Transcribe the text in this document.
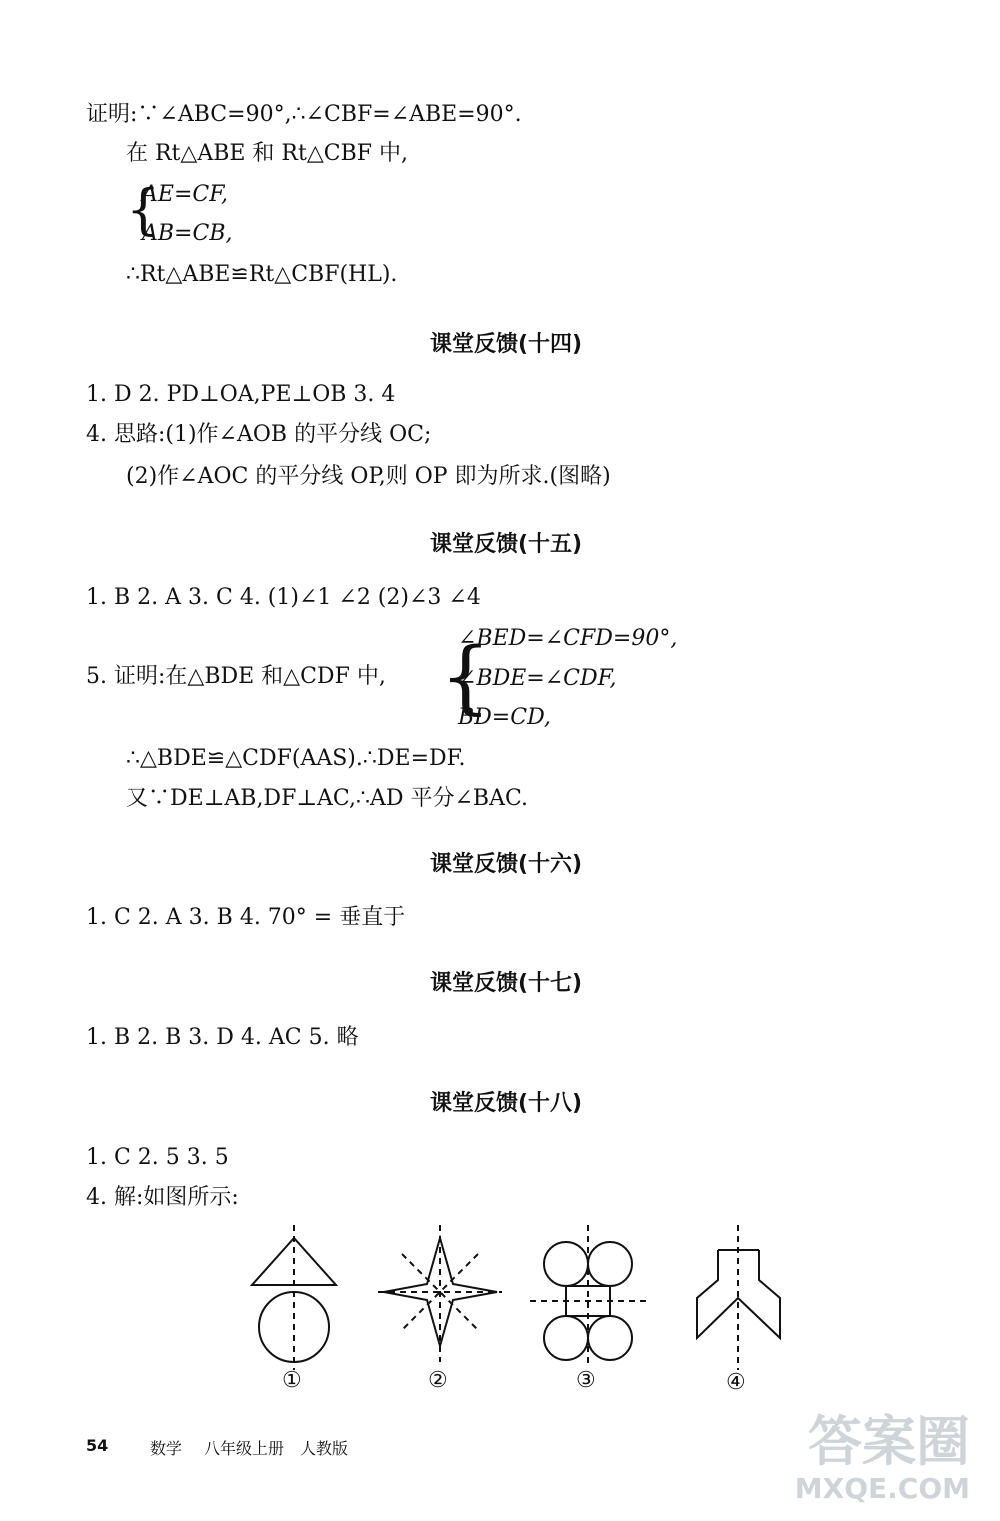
证明:∵∠ABC=90°,∴∠CBF=∠ABE=90°.
在 Rt△ABE 和 Rt△CBF 中,
{
AE=CF,
AB=CB,
∴Rt△ABE≌Rt△CBF(HL).
课堂反馈(十四)
1. D 2. PD⊥OA,PE⊥OB 3. 4
4. 思路:(1)作∠AOB 的平分线 OC;
(2)作∠AOC 的平分线 OP,则 OP 即为所求.(图略)
课堂反馈(十五)
1. B 2. A 3. C 4. (1)∠1 ∠2 (2)∠3 ∠4
5. 证明:在△BDE 和△CDF 中, {
∠BED=∠CFD=90°,
∠BDE=∠CDF,
BD=CD,
∴△BDE≌△CDF(AAS).∴DE=DF.
又∵DE⊥AB,DF⊥AC,∴AD 平分∠BAC.
课堂反馈(十六)
1. C 2. A 3. B 4. 70° = 垂直于
课堂反馈(十七)
1. B 2. B 3. D 4. AC 5. 略
课堂反馈(十八)
1. C 2. 5 3. 5
4. 解:如图所示:
①	②	③	④
54	数学 八年级上册 人教版	答案圈
MXQE.COM
